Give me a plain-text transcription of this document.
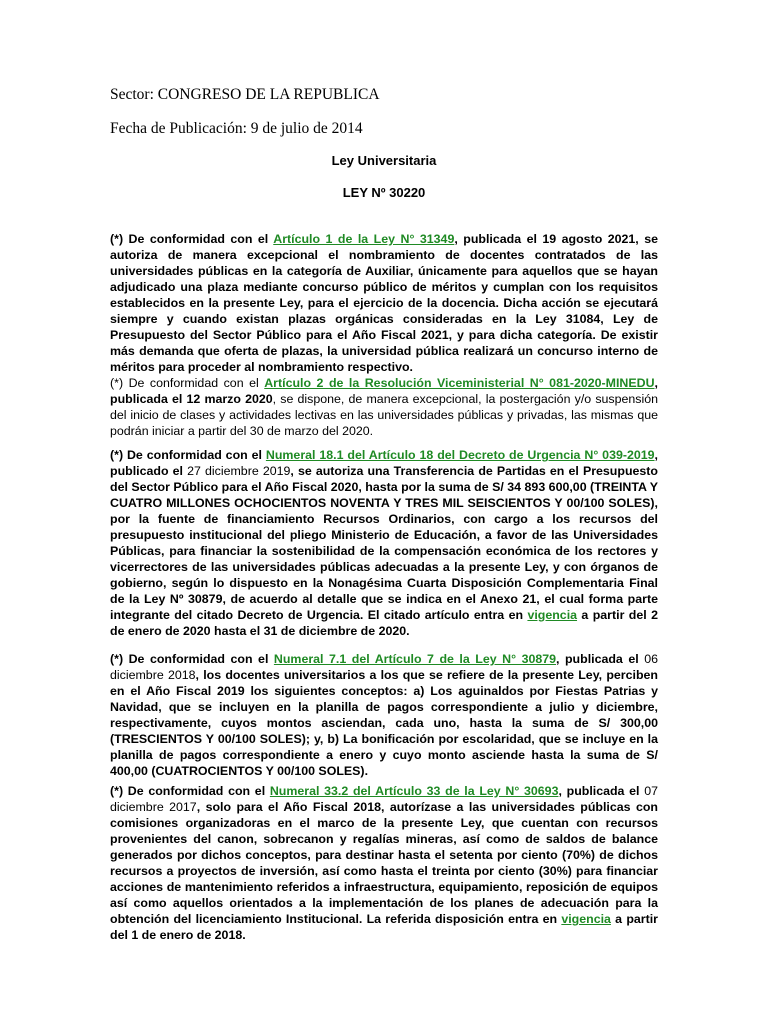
Sector: CONGRESO DE LA REPUBLICA
Fecha de Publicación: 9 de julio de 2014
Ley Universitaria
LEY Nº 30220
(*) De conformidad con el Artículo 1 de la Ley N° 31349, publicada el 19 agosto 2021, se autoriza de manera excepcional el nombramiento de docentes contratados de las universidades públicas en la categoría de Auxiliar, únicamente para aquellos que se hayan adjudicado una plaza mediante concurso público de méritos y cumplan con los requisitos establecidos en la presente Ley, para el ejercicio de la docencia. Dicha acción se ejecutará siempre y cuando existan plazas orgánicas consideradas en la Ley 31084, Ley de Presupuesto del Sector Público para el Año Fiscal 2021, y para dicha categoría. De existir más demanda que oferta de plazas, la universidad pública realizará un concurso interno de méritos para proceder al nombramiento respectivo.
(*) De conformidad con el Artículo 2 de la Resolución Viceministerial N° 081-2020-MINEDU, publicada el 12 marzo 2020, se dispone, de manera excepcional, la postergación y/o suspensión del inicio de clases y actividades lectivas en las universidades públicas y privadas, las mismas que podrán iniciar a partir del 30 de marzo del 2020.
(*) De conformidad con el Numeral 18.1 del Artículo 18 del Decreto de Urgencia N° 039-2019, publicado el 27 diciembre 2019, se autoriza una Transferencia de Partidas en el Presupuesto del Sector Público para el Año Fiscal 2020, hasta por la suma de S/ 34 893 600,00 (TREINTA Y CUATRO MILLONES OCHOCIENTOS NOVENTA Y TRES MIL SEISCIENTOS Y 00/100 SOLES), por la fuente de financiamiento Recursos Ordinarios, con cargo a los recursos del presupuesto institucional del pliego Ministerio de Educación, a favor de las Universidades Públicas, para financiar la sostenibilidad de la compensación económica de los rectores y vicerrectores de las universidades públicas adecuadas a la presente Ley, y con órganos de gobierno, según lo dispuesto en la Nonagésima Cuarta Disposición Complementaria Final de la Ley Nº 30879, de acuerdo al detalle que se indica en el Anexo 21, el cual forma parte integrante del citado Decreto de Urgencia. El citado artículo entra en vigencia a partir del 2 de enero de 2020 hasta el 31 de diciembre de 2020.
(*) De conformidad con el Numeral 7.1 del Artículo 7 de la Ley N° 30879, publicada el 06 diciembre 2018, los docentes universitarios a los que se refiere de la presente Ley, perciben en el Año Fiscal 2019 los siguientes conceptos: a) Los aguinaldos por Fiestas Patrias y Navidad, que se incluyen en la planilla de pagos correspondiente a julio y diciembre, respectivamente, cuyos montos asciendan, cada uno, hasta la suma de S/ 300,00 (TRESCIENTOS Y 00/100 SOLES); y, b) La bonificación por escolaridad, que se incluye en la planilla de pagos correspondiente a enero y cuyo monto asciende hasta la suma de S/ 400,00 (CUATROCIENTOS Y 00/100 SOLES).
(*) De conformidad con el Numeral 33.2 del Artículo 33 de la Ley N° 30693, publicada el 07 diciembre 2017, solo para el Año Fiscal 2018, autorízase a las universidades públicas con comisiones organizadoras en el marco de la presente Ley, que cuentan con recursos provenientes del canon, sobrecanon y regalías mineras, así como de saldos de balance generados por dichos conceptos, para destinar hasta el setenta por ciento (70%) de dichos recursos a proyectos de inversión, así como hasta el treinta por ciento (30%) para financiar acciones de mantenimiento referidos a infraestructura, equipamiento, reposición de equipos así como aquellos orientados a la implementación de los planes de adecuación para la obtención del licenciamiento Institucional. La referida disposición entra en vigencia a partir del 1 de enero de 2018.
